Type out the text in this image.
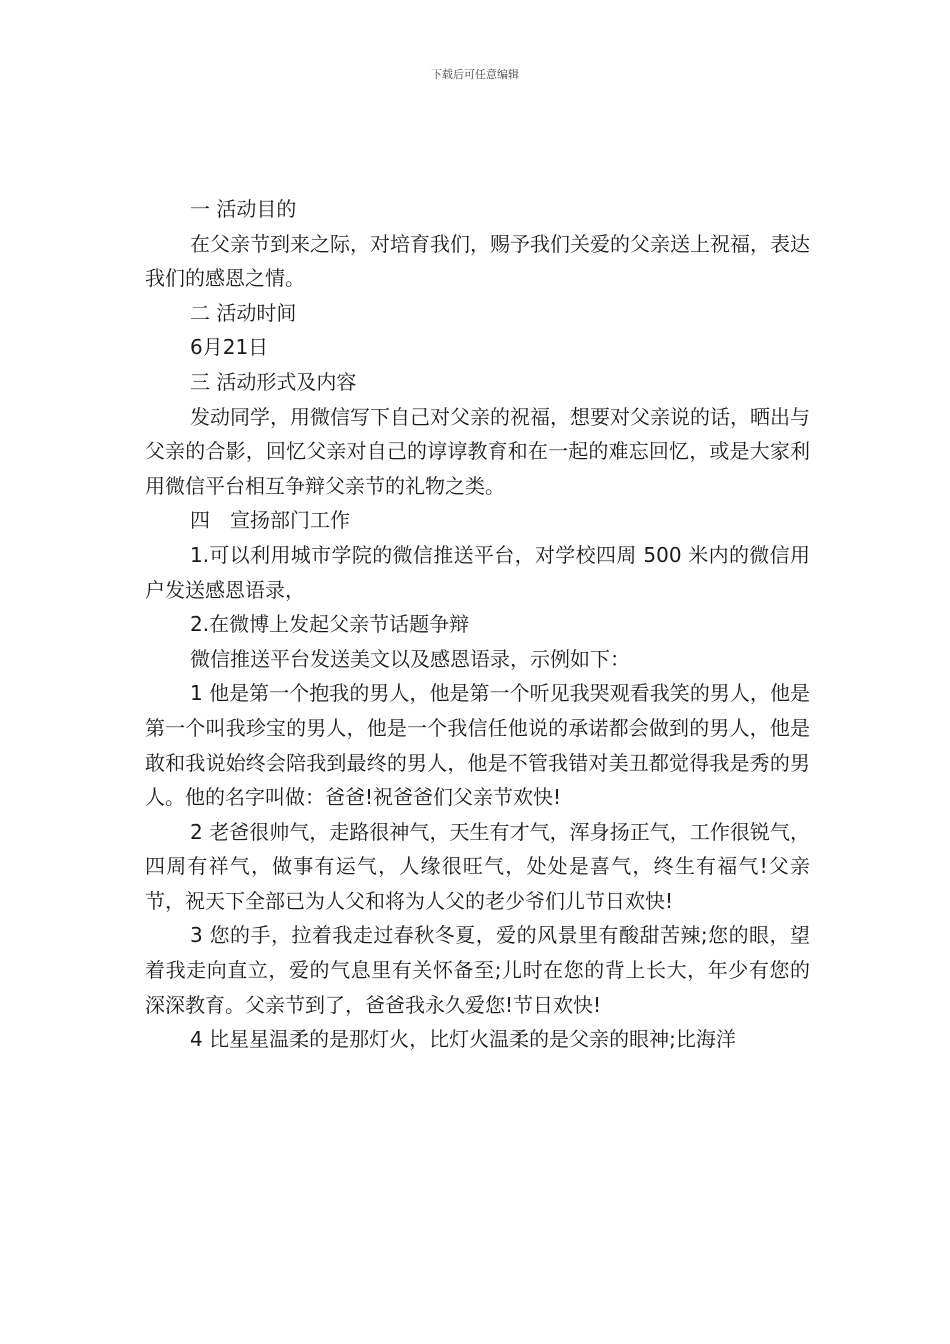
下载后可任意编辑

一 活动目的

在父亲节到来之际，对培育我们，赐予我们关爱的父亲送上祝福，表达我们的感恩之情。

二 活动时间

6月21日

三 活动形式及内容

发动同学，用微信写下自己对父亲的祝福，想要对父亲说的话，晒出与父亲的合影，回忆父亲对自己的谆谆教育和在一起的难忘回忆，或是大家利用微信平台相互争辩父亲节的礼物之类。

四　宣扬部门工作

1.可以利用城市学院的微信推送平台，对学校四周 500 米内的微信用户发送感恩语录，

2.在微博上发起父亲节话题争辩

微信推送平台发送美文以及感恩语录，示例如下：

1 他是第一个抱我的男人，他是第一个听见我哭观看我笑的男人，他是第一个叫我珍宝的男人，他是一个我信任他说的承诺都会做到的男人，他是敢和我说始终会陪我到最终的男人，他是不管我错对美丑都觉得我是秀的男人。他的名字叫做：爸爸!祝爸爸们父亲节欢快!

2 老爸很帅气，走路很神气，天生有才气，浑身扬正气，工作很锐气，四周有祥气，做事有运气，人缘很旺气，处处是喜气，终生有福气!父亲节，祝天下全部已为人父和将为人父的老少爷们儿节日欢快!

3 您的手，拉着我走过春秋冬夏，爱的风景里有酸甜苦辣;您的眼，望着我走向直立，爱的气息里有关怀备至;儿时在您的背上长大，年少有您的深深教育。父亲节到了，爸爸我永久爱您!节日欢快!

4 比星星温柔的是那灯火，比灯火温柔的是父亲的眼神;比海洋
